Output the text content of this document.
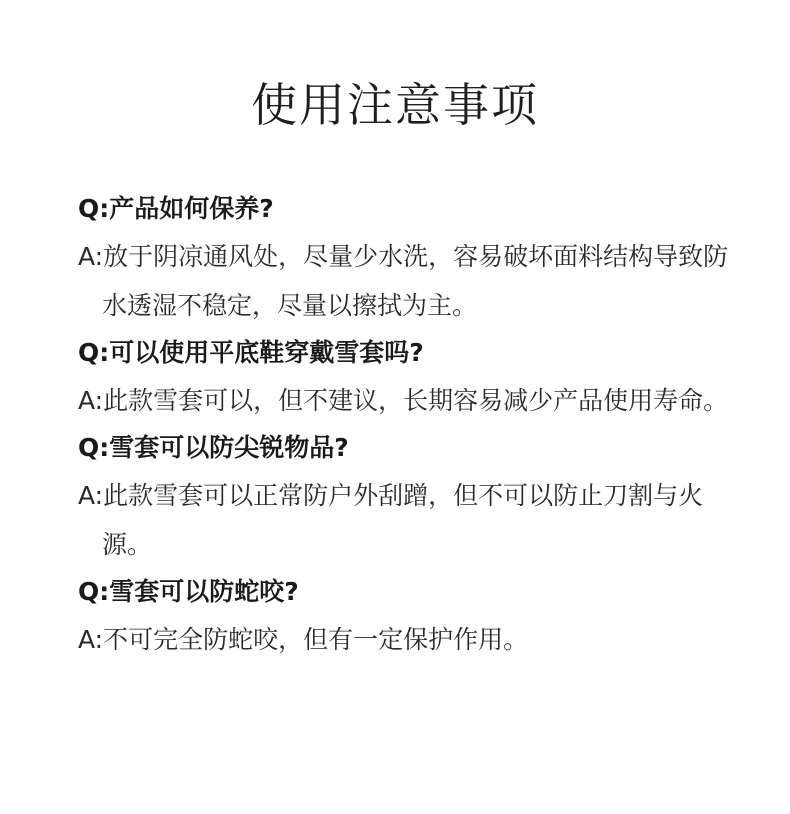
使用注意事项

Q:产品如何保养?

A:放于阴凉通风处，尽量少水洗，容易破坏面料结构导致防水透湿不稳定，尽量以擦拭为主。

Q:可以使用平底鞋穿戴雪套吗?

A:此款雪套可以，但不建议，长期容易减少产品使用寿命。

Q:雪套可以防尖锐物品?

A:此款雪套可以正常防户外刮蹭，但不可以防止刀割与火源。

Q:雪套可以防蛇咬?

A:不可完全防蛇咬，但有一定保护作用。
